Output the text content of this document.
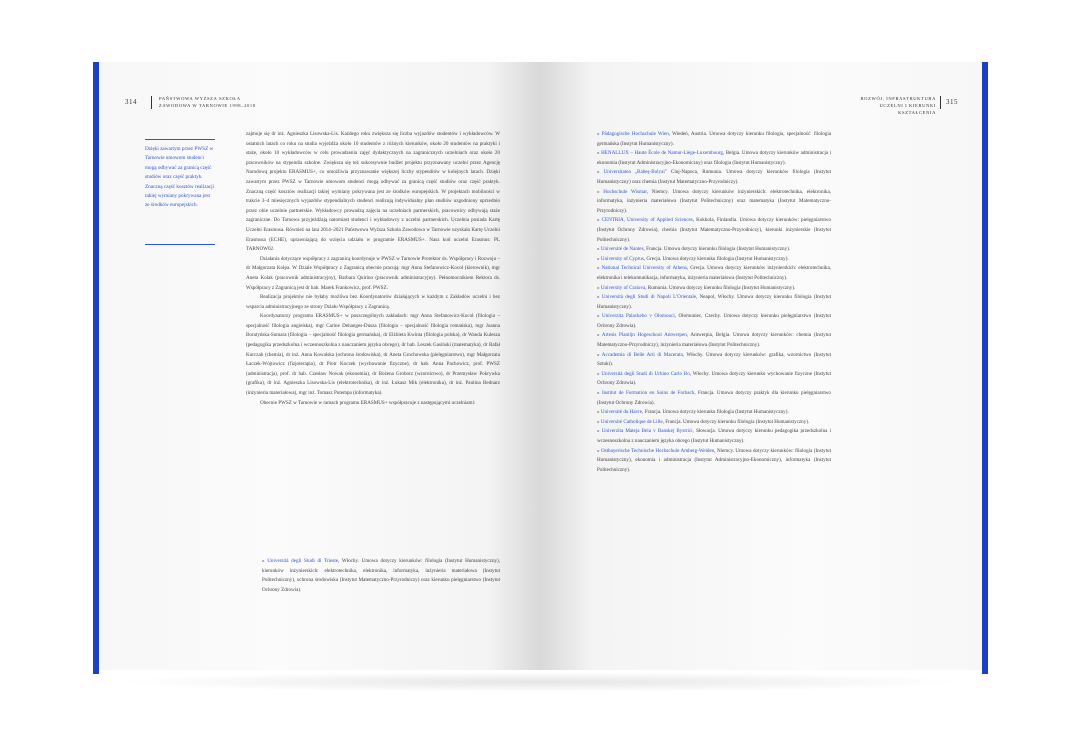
314	PAŃSTWOWA WYŻSZA SZKOŁA
ZAWODOWA W TARNOWIE 1998–2018
ROZWÓJ, INFRASTRUKTURA
UCZELNI I KIERUNKI KSZTAŁCENIA
315
Dzięki zawartym przez PWSZ w Tarnowie umowom studenci mogą odbywać za granicą część studiów oraz część praktyk. Znaczną część kosztów realizacji takiej wymiany pokrywana jest ze środków europejskich.

zajmuje się dr inż. Agnieszka Lisowska-Lis. Każdego roku zwiększa się liczba wyjazdów studentów i wykładowców. W ostatnich latach co roku na studia wyjeżdża około 10 studentów z różnych kierunków, około 20 studentów na praktyki i staże, około 10 wykładowców w celu prowadzenia zajęć dydaktycznych na zagranicznych uczelniach oraz około 20 pracowników na stypendia szkolne. Zwiększa się też sukcesywnie budżet projektu przyznawany uczelni przez Agencję Narodową projektu ERASMUS+, co umożliwia przyznawanie większej liczby stypendiów w kolejnych latach. Dzięki zawartym przez PWSZ w Tarnowie umowom studenci mogą odbywać za granicą część studiów oraz część praktyk. Znaczną część kosztów realizacji takiej wymiany pokrywana jest ze środków europejskich. W projektach mobilności w trakcie 3–4 miesięcznych wyjazdów stypendialnych studenci realizują indywidualny plan studiów uzgodniony uprzednio przez obie uczelnie partnerskie. Wykładowcy prowadzą zajęcia na uczelniach partnerskich, pracownicy odbywają staże zagraniczne. Do Tarnowa przyjeżdżają natomiast studenci i wykładowcy z uczelni partnerskich. Uczelnia posiada Kartę Uczelni Erasmusa. Również na lata 2014–2021 Państwowa Wyższa Szkoła Zawodowa w Tarnowie uzyskała Kartę Uczelni Erasmusa (ECHE), uprawniającą do wzięcia udziału w programie ERASMUS+. Nasz kod uczelni Erasmus: PL TARNOW02.

Działania dotyczące współpracy z zagranicą koordynuje w PWSZ w Tarnowie Prorektor ds. Współpracy i Rozwoju – dr Małgorzata Kołpa. W Dziale Współpracy z Zagranicą obecnie pracują: mgr Anna Stefanowicz-Kocoł (kierownik), mgr Aneta Kolak (pracownik administracyjny), Barbara Quirino (pracownik administracyjny). Pełnomocnikiem Rektora ds. Współpracy z Zagranicą jest dr hab. Marek Frankowicz, prof. PWSZ.

Realizacja projektów nie byłaby możliwa bez Koordynatorów działających w każdym z Zakładów uczelni i bez wsparcia administracyjnego ze strony Działu Współpracy z Zagranicą.

Koordynatorzy programu ERASMUS+ w poszczególnych zakładach: mgr Anna Stefanowicz-Kocoł (filologia – specjalność filologia angielska), mgr Carine Dehanges-Dusza (filologia – specjalność filologia romańska), mgr Joanna Boratyńska-Sumara (filologia – specjalność filologia germańska), dr Elżbieta Kwinta (filologia polska), dr Wanda Kulesza (pedagogika przedszkolna i wczesnoszkolna z nauczaniem języka obcego), dr hab. Leszek Gasiński (matematyka), dr Rafał Kurczab (chemia), dr inż. Anna Kowalska (ochrona środowiska), dr Aneta Grochowska (pielęgniarstwo), mgr Małgorzata Łaczek-Wójtowicz (fizjoterapia), dr Piotr Koczek (wychowanie fizyczne), dr hab. Anna Pachowicz, prof. PWSZ (administracja), prof. dr hab. Czesław Nowak (ekonomia), dr Bożena Groborz (wzornictwo), dr Przemysław Pokrywka (grafika), dr inż. Agnieszka Lisowska-Lis (elektrotechnika), dr inż. Łukasz Mik (elektronika), dr inż. Paulina Bednarz (inżynieria materiałowa), mgr inż. Tomasz Potempa (informatyka).

Obecnie PWSZ w Tarnowie w ramach programu ERASMUS+ współpracuje z następującymi uczelniami:

» Università degli Studi di Trieste, Włochy. Umowa dotyczy kierunków: filologia (Instytut Humanistyczny), kierunków inżynierskich: elektrotechnika, elektronika, informatyka, inżynieria materiałowa (Instytut Politechniczny), ochrona środowiska (Instytut Matematyczno-Przyrodniczy) oraz kierunku pielęgniarstwo (Instytut Ochrony Zdrowia).

» Pädagogische Hochschule Wien, Wiedeń, Austria. Umowa dotyczy kierunku filologia, specjalność: filologia germańska (Instytut Humanistyczny).

» HENALLUX – Haute École de Namur-Liège-Luxembourg, Belgia. Umowa dotyczy kierunków administracja i ekonomia (Instytut Administracyjno-Ekonomiczny) oraz filologia (Instytut Humanistyczny).

» Universitatea „Babeș-Bolyai" Cluj-Napoca, Rumunia. Umowa dotyczy kierunków filologia (Instytut Humanistyczny) oraz chemia (Instytut Matematyczno-Przyrodniczy).

» Hochschule Wismar, Niemcy. Umowa dotyczy kierunków inżynierskich: elektrotechnika, elektronika, informatyka, inżynieria materiałowa (Instytut Politechniczny) oraz matematyka (Instytut Matematyczno-Przyrodniczy).

» CENTRIA, University of Applied Sciences, Kokkola, Finlandia. Umowa dotyczy kierunków: pielęgniarstwo (Instytut Ochrony Zdrowia), chemia (Instytut Matematyczno-Przyrodniczy), kierunki inżynierskie (Instytut Politechniczny).

» Université de Nantes, Francja. Umowa dotyczy kierunku filologia (Instytut Humanistyczny).

» University of Cyprus, Grecja. Umowa dotyczy kierunku filologia (Instytut Humanistyczny).

» National Technical University of Athens, Grecja. Umowa dotyczy kierunków inżynierskich: elektrotechnika, elektronika i telekomunikacja, informatyka, inżynieria materiałowa (Instytut Politechniczny).

» University of Craiova, Rumunia. Umowa dotyczy kierunku filologia (Instytut Humanistyczny).

» Università degli Studi di Napoli L'Orientale, Neapol, Włochy. Umowa dotyczy kierunku filologia (Instytut Humanistyczny).

» Univerzita Palackeho v Olomouci, Ołomuniec, Czechy. Umowa dotyczy kierunku pielęgniarstwo (Instytut Ochrony Zdrowia).

» Artesis Plantijn Hogeschool Antwerpen, Antwerpia, Belgia. Umowa dotyczy kierunków: chemia (Instytut Matematyczno-Przyrodniczy), inżynieria materiałowa (Instytut Politechniczny).

» Accademia di Belle Arti di Macerata, Włochy. Umowa dotyczy kierunków: grafika, wzornictwo (Instytut Sztuki).

» Università degli Studi di Urbino Carlo Bo, Włochy. Umowa dotyczy kierunku wychowanie fizyczne (Instytut Ochrony Zdrowia).

» Institut de Formation en Soins de Forbach, Francja. Umowa dotyczy praktyk dla kierunku pielęgniarstwo (Instytut Ochrony Zdrowia).

» Université du Havre, Francja. Umowa dotyczy kierunku filologia (Instytut Humanistyczny).

» Université Catholique de Lille, Francja. Umowa dotyczy kierunku filologia (Instytut Humanistyczny).

» Univerzita Mateja Bela v Banskej Bystrici, Słowacja. Umowa dotyczy kierunku pedagogika przedszkolna i wczesnoszkolna z nauczaniem języka obcego (Instytut Humanistyczny).

» Ostbayerische Technische Hochschule Amberg-Weiden, Niemcy. Umowa dotyczy kierunków: filologia (Instytut Humanistyczny), ekonomia i administracja (Instytut Administracyjno-Ekonomiczny), informatyka (Instytut Politechniczny).
